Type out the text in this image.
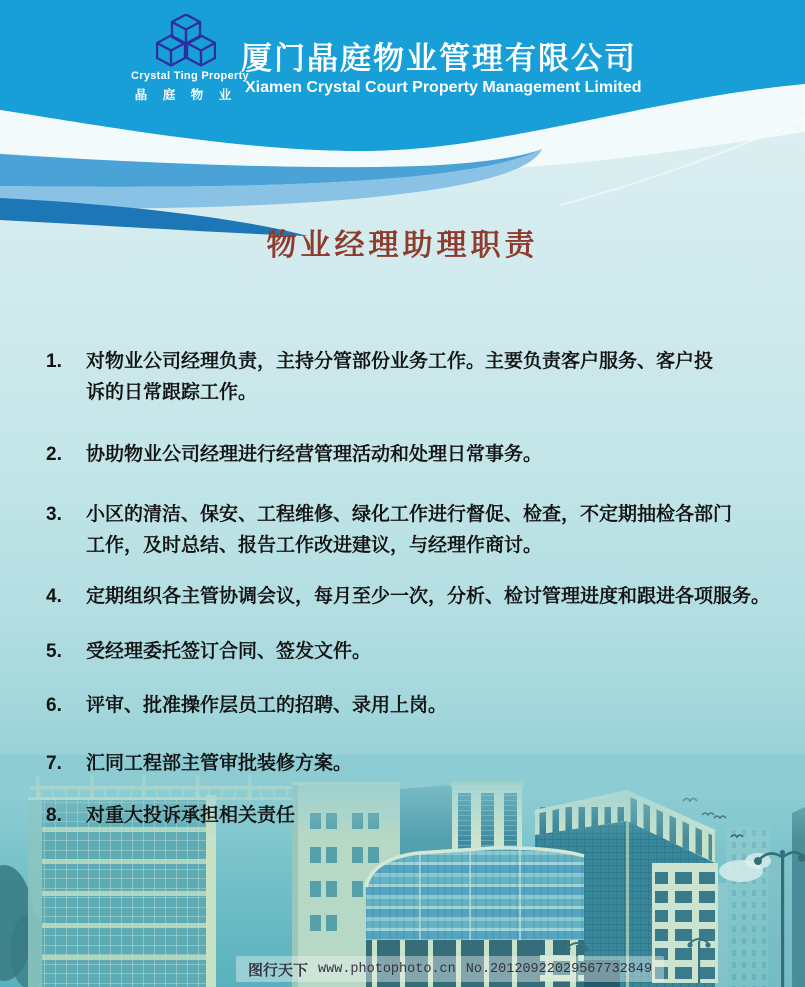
Crystal Ting Property
晶 庭 物 业
厦门晶庭物业管理有限公司
Xiamen Crystal Court Property Management Limited
物业经理助理职责
1.	对物业公司经理负责，主持分管部份业务工作。主要负责客户服务、客户投诉的日常跟踪工作。
2.	协助物业公司经理进行经营管理活动和处理日常事务。
3.	小区的清洁、保安、工程维修、绿化工作进行督促、检查，不定期抽检各部门工作，及时总结、报告工作改进建议，与经理作商讨。
4.	定期组织各主管协调会议，每月至少一次，分析、检讨管理进度和跟进各项服务。
5.	受经理委托签订合同、签发文件。
6.	评审、批准操作层员工的招聘、录用上岗。
7.	汇同工程部主管审批装修方案。
8.	对重大投诉承担相关责任
图行天下 www.photophoto.cn No.20120922029567732849
